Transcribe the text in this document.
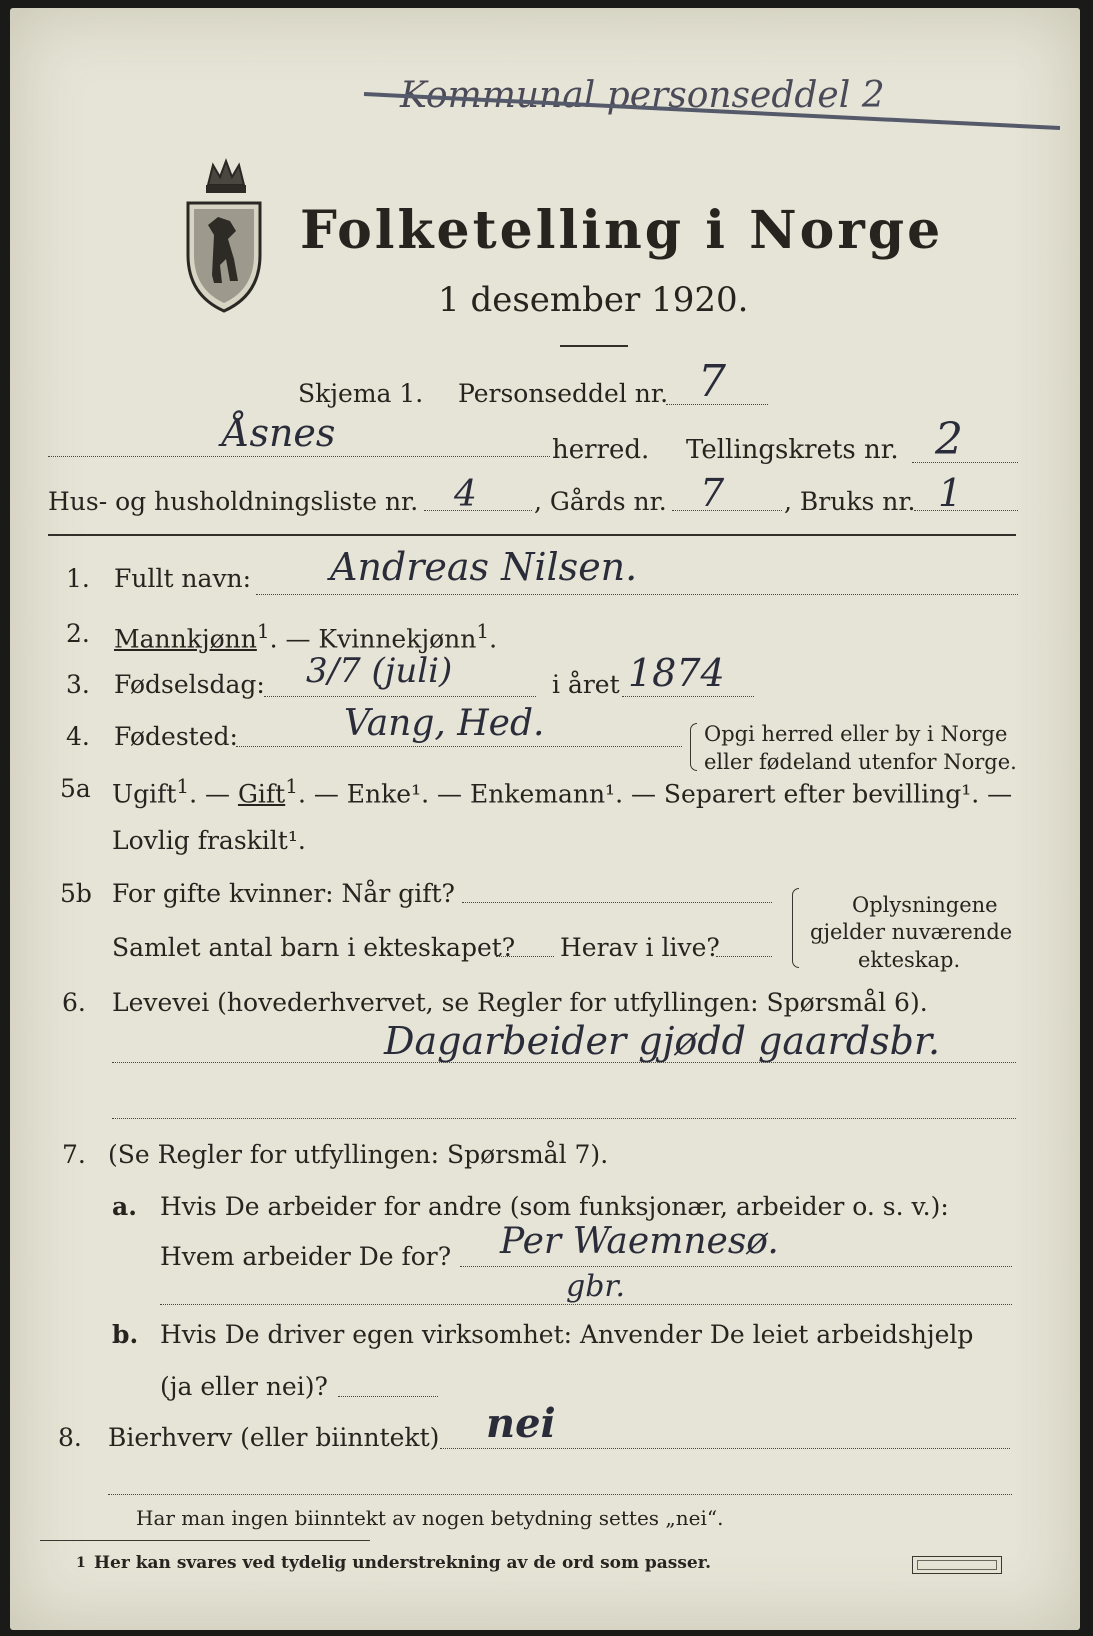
Kommunal personseddel 2
Folketelling i Norge
1 desember 1920.
Skjema 1. Personseddel nr. 7
Åsnes	herred. Tellingskrets nr. 2
Hus- og husholdningsliste nr. 4 , Gårds nr. 7 , Bruks nr. 1
1. Fullt navn: Andreas Nilsen.
2. Mannkjønn$^1$. — Kvinnekjønn$^1$.
3. Fødselsdag: 3/7 (juli)	i året 1874
4. Fødested:	Vang, Hed.	Opgi herred eller by i Norge
eller fødeland utenfor Norge.
5a Ugift$^1$. — Gift$^1$. — Enke¹. — Enkemann¹. — Separert efter bevilling¹. —
Lovlig fraskilt¹.
5b For gifte kvinner: Når gift?
Samlet antal barn i ekteskapet? Herav i live?
Oplysningene
gjelder nuværende
ekteskap.
6. Levevei (hovederhvervet, se Regler for utfyllingen: Spørsmål 6).
Dagarbeider gjødd gaardsbr.
7. (Se Regler for utfyllingen: Spørsmål 7).
a. Hvis De arbeider for andre (som funksjonær, arbeider o. s. v.):
Hvem arbeider De for? Per Waemnesø.
gbr.
b. Hvis De driver egen virksomhet: Anvender De leiet arbeidshjelp
(ja eller nei)?
8. Bierhverv (eller biinntekt) nei
Har man ingen biinntekt av nogen betydning settes „nei“.
1 Her kan svares ved tydelig understrekning av de ord som passer.
